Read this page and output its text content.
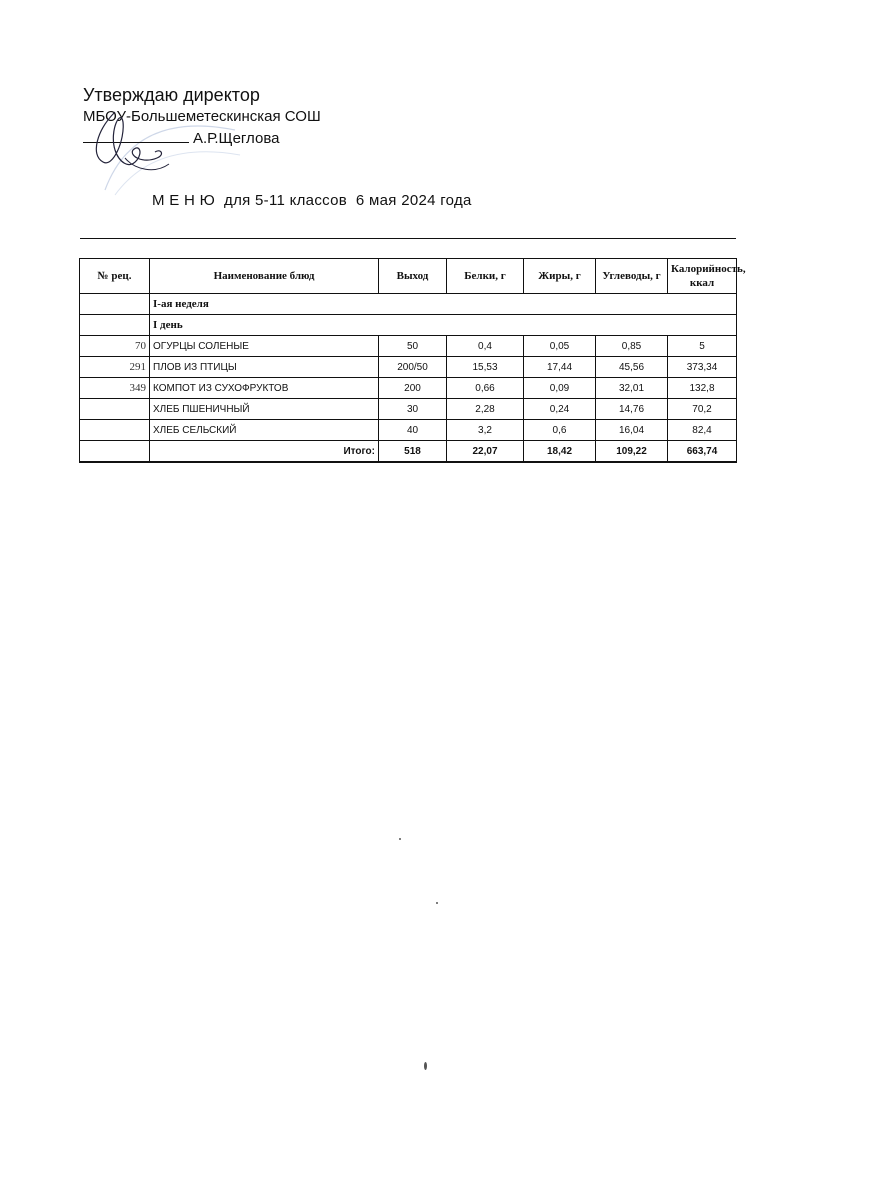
Утверждаю директор
МБОУ-Большеметескинская СОШ
А.Р.Щеглова
М Е Н Ю  для 5-11 классов  6 мая 2024 года
№ рец.	Наименование блюд	Выход	Белки, г	Жиры, г	Углеводы, г	Калорийность, ккал
	I-ая неделя					
	I день					
70	ОГУРЦЫ СОЛЕНЫЕ	50	0,4	0,05	0,85	5
291	ПЛОВ ИЗ ПТИЦЫ	200/50	15,53	17,44	45,56	373,34
349	КОМПОТ ИЗ СУХОФРУКТОВ	200	0,66	0,09	32,01	132,8
	ХЛЕБ ПШЕНИЧНЫЙ	30	2,28	0,24	14,76	70,2
	ХЛЕБ СЕЛЬСКИЙ	40	3,2	0,6	16,04	82,4
	Итого:	518	22,07	18,42	109,22	663,74
